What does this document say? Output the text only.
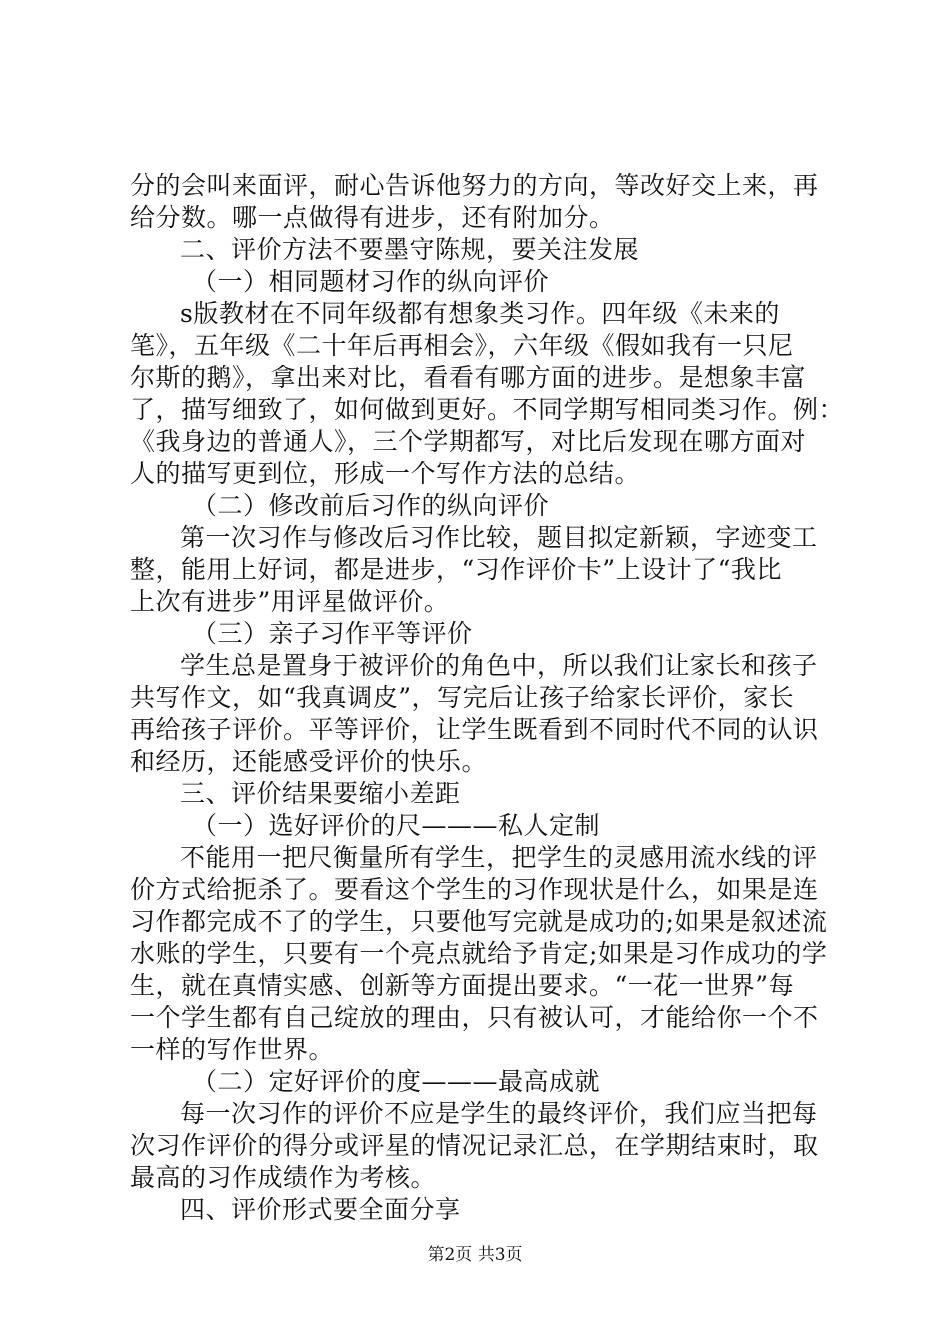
分的会叫来面评，耐心告诉他努力的方向，等改好交上来，再
给分数。哪一点做得有进步，还有附加分。
二、评价方法不要墨守陈规，要关注发展
（一）相同题材习作的纵向评价
s版教材在不同年级都有想象类习作。四年级《未来的
笔》，五年级《二十年后再相会》，六年级《假如我有一只尼
尔斯的鹅》，拿出来对比，看看有哪方面的进步。是想象丰富
了，描写细致了，如何做到更好。不同学期写相同类习作。例：
《我身边的普通人》，三个学期都写，对比后发现在哪方面对
人的描写更到位，形成一个写作方法的总结。
（二）修改前后习作的纵向评价
第一次习作与修改后习作比较，题目拟定新颖，字迹变工
整，能用上好词，都是进步，“习作评价卡”上设计了“我比
上次有进步”用评星做评价。
（三）亲子习作平等评价
学生总是置身于被评价的角色中，所以我们让家长和孩子
共写作文，如“我真调皮”，写完后让孩子给家长评价，家长
再给孩子评价。平等评价，让学生既看到不同时代不同的认识
和经历，还能感受评价的快乐。
三、评价结果要缩小差距
（一）选好评价的尺———私人定制
不能用一把尺衡量所有学生，把学生的灵感用流水线的评
价方式给扼杀了。要看这个学生的习作现状是什么，如果是连
习作都完成不了的学生，只要他写完就是成功的;如果是叙述流
水账的学生，只要有一个亮点就给予肯定;如果是习作成功的学
生，就在真情实感、创新等方面提出要求。“一花一世界”每
一个学生都有自己绽放的理由，只有被认可，才能给你一个不
一样的写作世界。
（二）定好评价的度———最高成就
每一次习作的评价不应是学生的最终评价，我们应当把每
次习作评价的得分或评星的情况记录汇总，在学期结束时，取
最高的习作成绩作为考核。
四、评价形式要全面分享
第2页 共3页
